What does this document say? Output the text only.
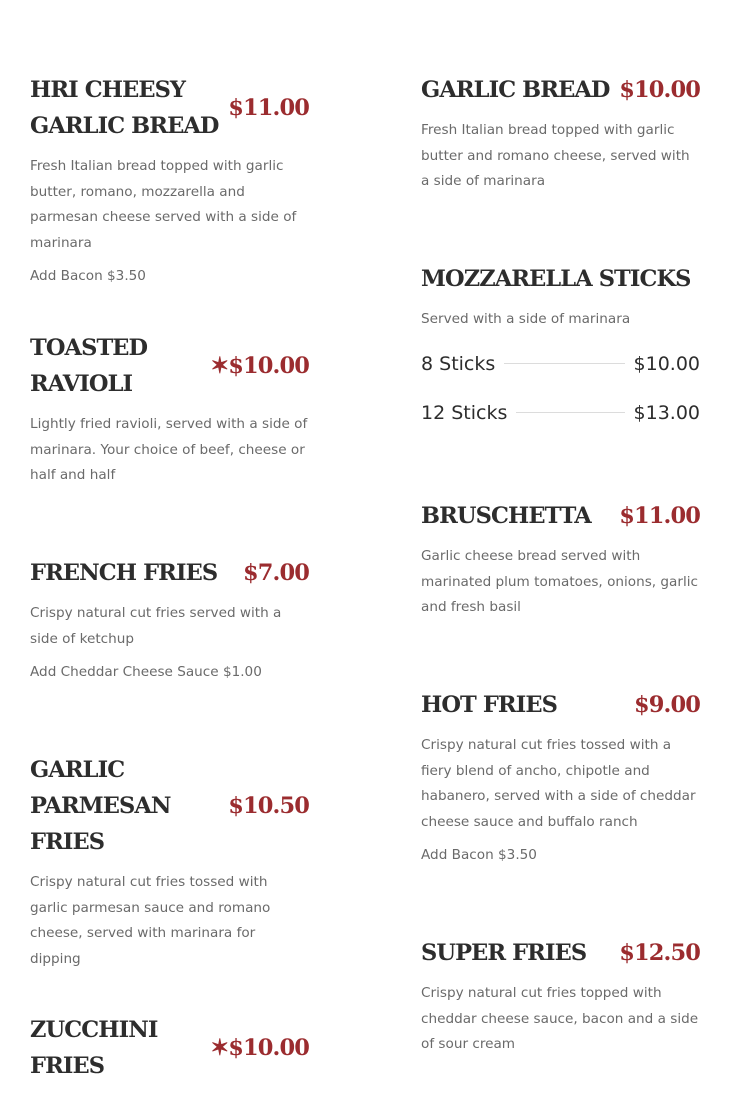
HRI CHEESY
GARLIC BREAD
$11.00
Fresh Italian bread topped with garlic butter, romano, mozzarella and parmesan cheese served with a side of marinara
Add Bacon $3.50
TOASTED
RAVIOLI
✶$10.00
Lightly fried ravioli, served with a side of marinara. Your choice of beef, cheese or half and half
FRENCH FRIES $7.00
Crispy natural cut fries served with a side of ketchup
Add Cheddar Cheese Sauce $1.00
GARLIC
PARMESAN
FRIES
$10.50
Crispy natural cut fries tossed with garlic parmesan sauce and romano cheese, served with marinara for dipping
ZUCCHINI
FRIES
✶$10.00
GARLIC BREAD $10.00
Fresh Italian bread topped with garlic butter and romano cheese, served with a side of marinara
MOZZARELLA STICKS
Served with a side of marinara
8 Sticks	$10.00
12 Sticks	$13.00
BRUSCHETTA $11.00
Garlic cheese bread served with marinated plum tomatoes, onions, garlic and fresh basil
HOT FRIES	$9.00
Crispy natural cut fries tossed with a fiery blend of ancho, chipotle and habanero, served with a side of cheddar cheese sauce and buffalo ranch
Add Bacon $3.50
SUPER FRIES $12.50
Crispy natural cut fries topped with cheddar cheese sauce, bacon and a side of sour cream
